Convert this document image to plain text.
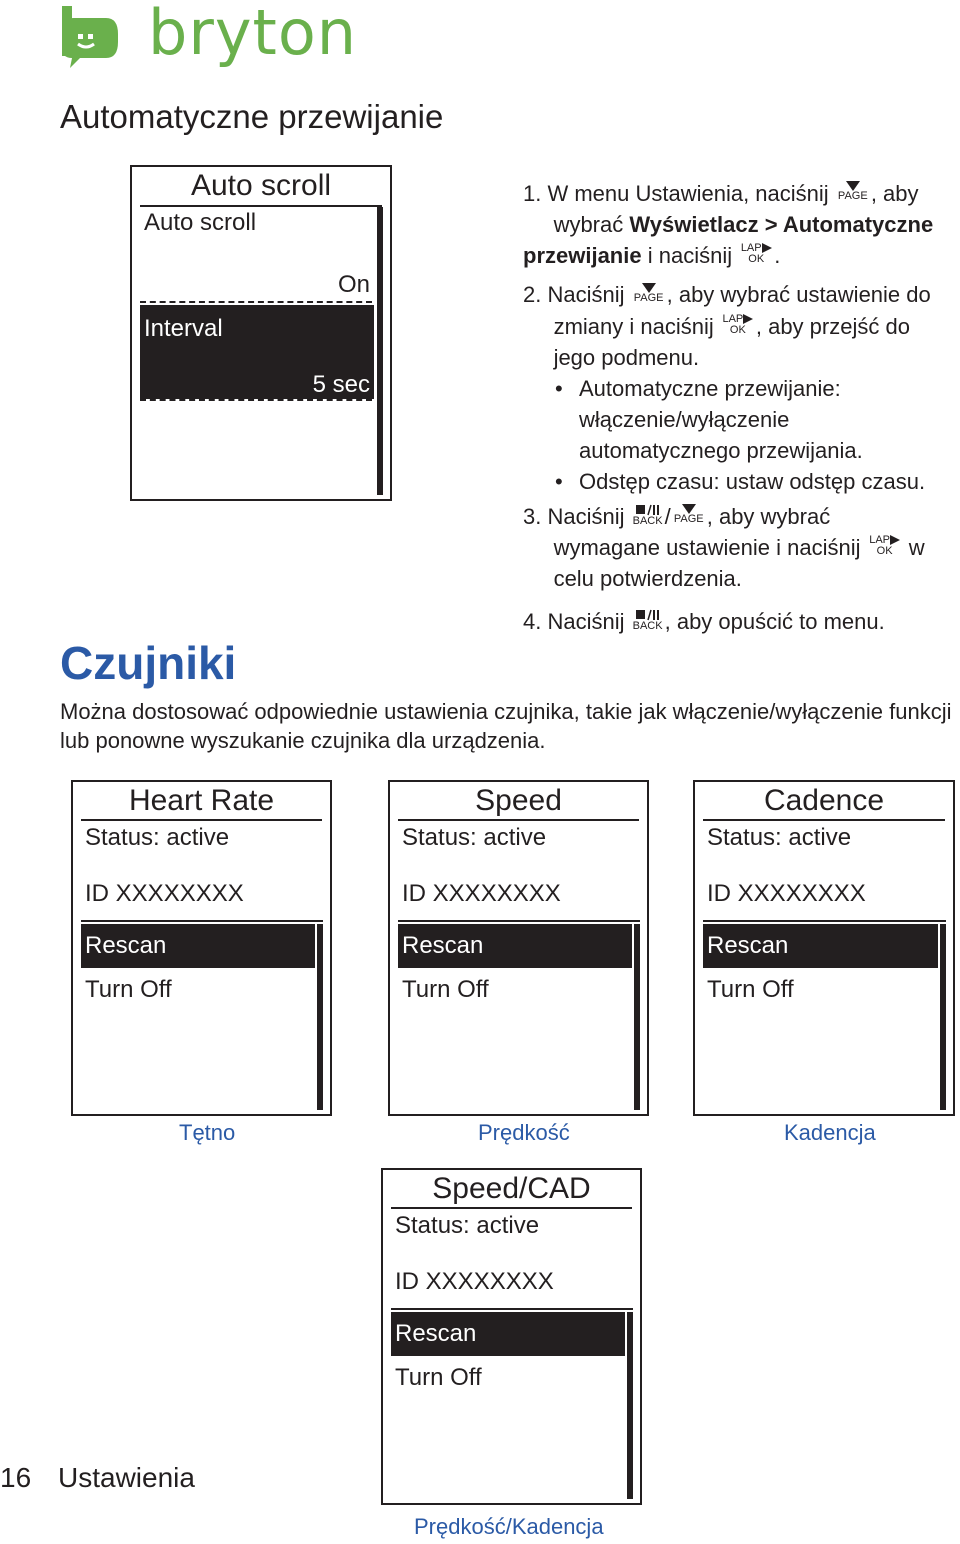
bryton
Automatyczne przewijanie
Auto scroll
Auto scroll
On
Interval
5 sec

1. W menu Ustawienia, naciśnij PAGE , aby
wybrać Wyświetlacz > Automatyczne przewijanie i naciśnij LAP
OK .

2. Naciśnij PAGE , aby wybrać ustawienie do
zmiany i naciśnij LAP
OK , aby przejść do
jego podmenu.

• Automatyczne przewijanie: włączenie/wyłączenie automatycznego przewijania.
• Odstęp czasu: ustaw odstęp czasu.

3. Naciśnij BACK/ PAGE , aby wybrać
wymagane ustawienie i naciśnij LAP
OK w
celu potwierdzenia.

4. Naciśnij BACK, aby opuścić to menu.

Czujniki
Można dostosować odpowiednie ustawienia czujnika, takie jak włączenie/wyłączenie funkcji lub ponowne wyszukanie czujnika dla urządzenia.
Heart Rate
Status: active
ID XXXXXXXX
Rescan
Turn Off
Speed
Status: active
ID XXXXXXXX
Rescan
Turn Off
Cadence
Status: active
ID XXXXXXXX
Rescan
Turn Off
Tętno	Prędkość	Kadencja
Speed/CAD
Status: active
ID XXXXXXXX
Rescan
Turn Off
Prędkość/Kadencja
16 Ustawienia
